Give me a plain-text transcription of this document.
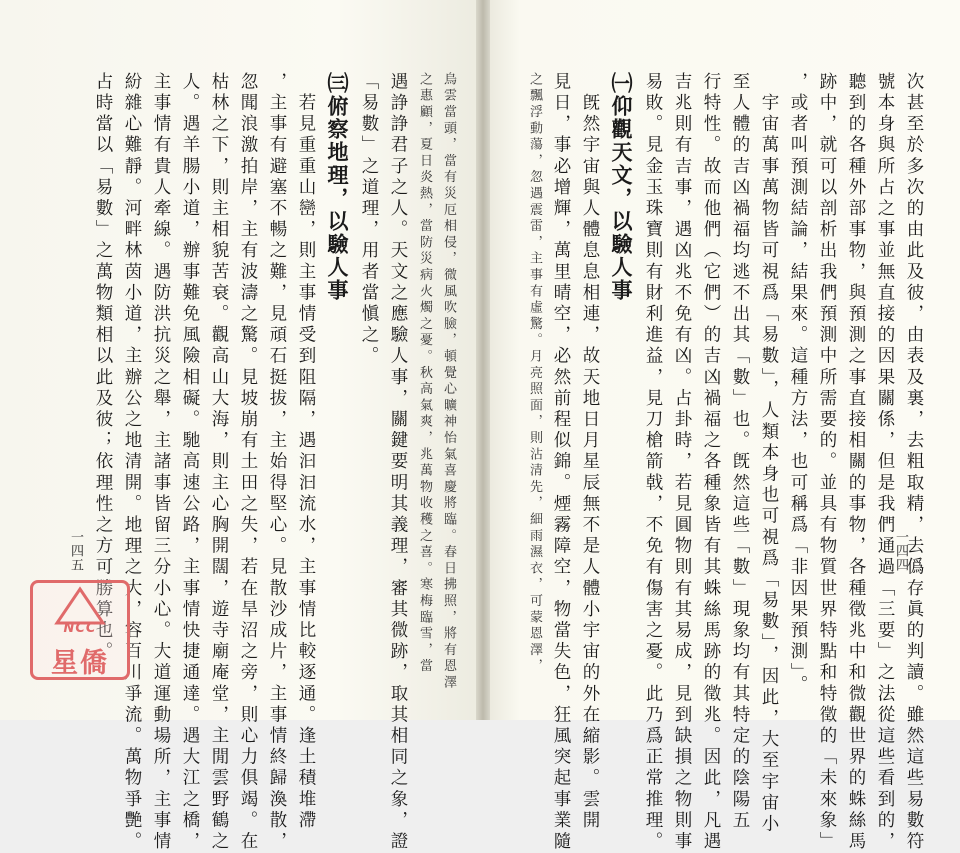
次甚至於多次的由此及彼，由表及裏，去粗取精，去僞存眞的判讀。雖然這些易數符
號本身與所占之事並無直接的因果關係，但是我們通過「三要」之法從這些看到的，
聽到的各種外部事物，與預測之事直接相關的事物，各種徵兆中和微觀世界的蛛絲馬
跡中，就可以剖析出我們預測中所需要的。並具有物質世界特點和特徵的「未來象」
，或者叫預測結論，結果來。這種方法，也可稱爲「非因果預測」。
　宇宙萬事萬物皆可視爲「易數」，人類本身也可視爲「易數」，因此，大至宇宙小
至人體的吉凶禍福均逃不出其「數」也。旣然這些「數」現象均有其特定的陰陽五
行特性。故而他們（它們）的吉凶禍福之各種象皆有其蛛絲馬跡的徵兆。因此，凡遇
吉兆則有吉事，遇凶兆不免有凶。占卦時，若見圓物則有其易成，見到缺損之物則事
易敗。見金玉珠寶則有財利進益，見刀槍箭戟，不免有傷害之憂。此乃爲正常推理。
㈠仰觀天文，以驗人事
　旣然宇宙與人體息息相連，故天地日月星辰無不是人體小宇宙的外在縮影。雲開
見日，事必增輝，萬里晴空，必然前程似錦。煙霧障空，物當失色，狂風突起事業隨
之飄浮動蕩，忽遇震雷，主事有虛驚。月亮照面，則沾清先，細雨濕衣，可蒙恩澤，	一四四
烏雲當頭，當有災厄相侵，微風吹臉，頓覺心曠神怡氣喜慶將臨。春日拂照，將有恩澤
之惠顧，夏日炎熱，當防災病火燭之憂。秋高氣爽，兆萬物收穫之喜。寒梅臨雪，當
遇諍諍君子之人。天文之應驗人事，關鍵要明其義理，審其微跡，取其相同之象，證
「易數」之道理，用者當愼之。
㈢俯察地理，以驗人事
　若見重重山巒，則主事情受到阻隔，遇汩汩流水，主事情比較逐通。逢土積堆滯
，主事有避塞不暢之難，見頑石挺拔，主始得堅心。見散沙成片，主事情終歸渙散，
忽聞浪激拍岸，主有波濤之驚。見坡崩有土田之失，若在旱沼之旁，則心力俱竭。在
枯林之下，則主相貌苦衰。觀高山大海，則主心胸開闊，遊寺廟庵堂，主閒雲野鶴之
人。遇羊腸小道，辦事難免風險相礙。馳高速公路，主事情快捷通達。遇大江之橋，
主事情有貴人牽線。遇防洪抗災之舉，主諸事皆留三分小心。大道運動場所，主事情
紛雜心難靜。河畔林茵小道，主辦公之地清開。地理之大，容百川爭流。萬物爭艷。
占時當以「易數」之萬物類相以此及彼；依理性之方可勝算也。
一四五
NCC
星僑
